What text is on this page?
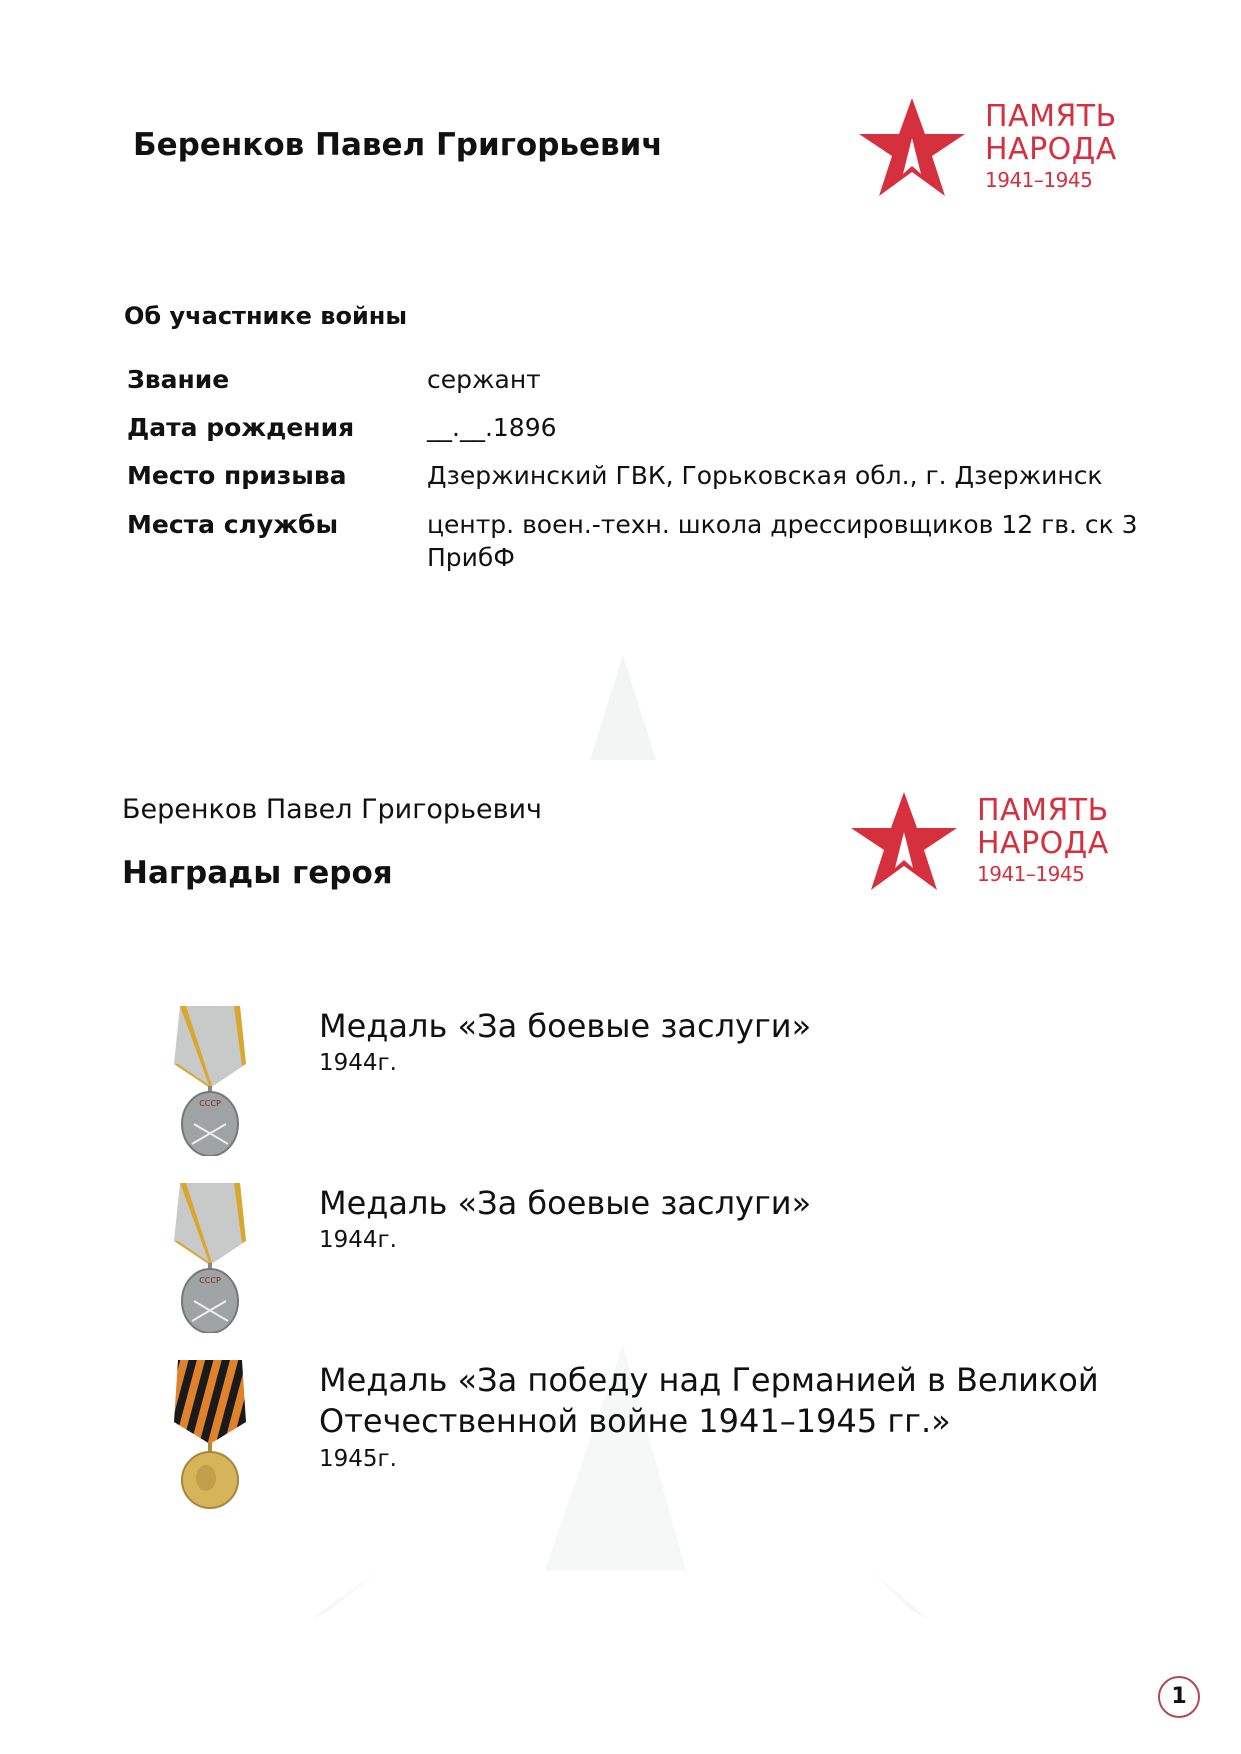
Беренков Павел Григорьевич
ПАМЯТЬ
НАРОДА
1941–1945
Об участнике войны
Звание	сержант
Дата рождения	__.__.1896
Место призыва	Дзержинский ГВК, Горьковская обл., г. Дзержинск
Места службы	центр. воен.-техн. школа дрессировщиков 12 гв. ск 3 ПрибФ
Беренков Павел Григорьевич
Награды героя
ПАМЯТЬ
НАРОДА
1941–1945
СССР
Медаль «За боевые заслуги»
1944г.
СССР
Медаль «За боевые заслуги»
1944г.
Медаль «За победу над Германией в Великой Отечественной войне 1941–1945 гг.»
1945г.
1
